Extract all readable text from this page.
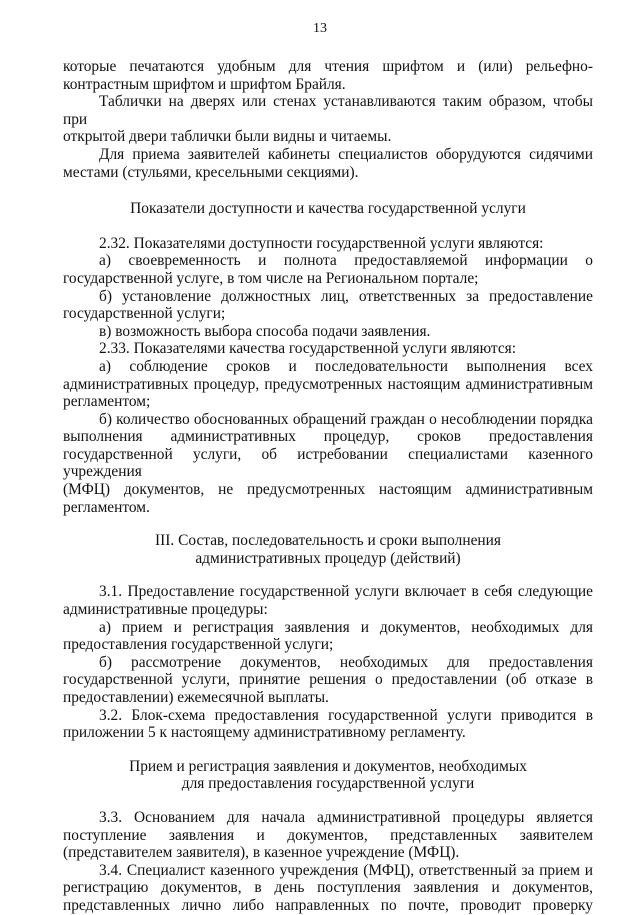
13

которые печатаются удобным для чтения шрифтом и (или) рельефно-

контрастным шрифтом и шрифтом Брайля.

Таблички на дверях или стенах устанавливаются таким образом, чтобы при

открытой двери таблички были видны и читаемы.

Для приема заявителей кабинеты специалистов оборудуются сидячими

местами (стульями, кресельными секциями).

Показатели доступности и качества государственной услуги

2.32. Показателями доступности государственной услуги являются:

а) своевременность и полнота предоставляемой информации о

государственной услуге, в том числе на Региональном портале;

б) установление должностных лиц, ответственных за предоставление

государственной услуги;

в) возможность выбора способа подачи заявления.

2.33. Показателями качества государственной услуги являются:

а) соблюдение сроков и последовательности выполнения всех

административных процедур, предусмотренных настоящим административным

регламентом;

б) количество обоснованных обращений граждан о несоблюдении порядка

выполнения административных процедур, сроков предоставления

государственной услуги, об истребовании специалистами казенного учреждения

(МФЦ) документов, не предусмотренных настоящим административным

регламентом.

III. Состав, последовательность и сроки выполнения

административных процедур (действий)

3.1. Предоставление государственной услуги включает в себя следующие

административные процедуры:

а) прием и регистрация заявления и документов, необходимых для

предоставления государственной услуги;

б) рассмотрение документов, необходимых для предоставления

государственной услуги, принятие решения о предоставлении (об отказе в

предоставлении) ежемесячной выплаты.

3.2. Блок-схема предоставления государственной услуги приводится в

приложении 5 к настоящему административному регламенту.

Прием и регистрация заявления и документов, необходимых

для предоставления государственной услуги

3.3. Основанием для начала административной процедуры является

поступление заявления и документов, представленных заявителем

(представителем заявителя), в казенное учреждение (МФЦ).

3.4. Специалист казенного учреждения (МФЦ), ответственный за прием и

регистрацию документов, в день поступления заявления и документов,

представленных лично либо направленных по почте, проводит проверку
